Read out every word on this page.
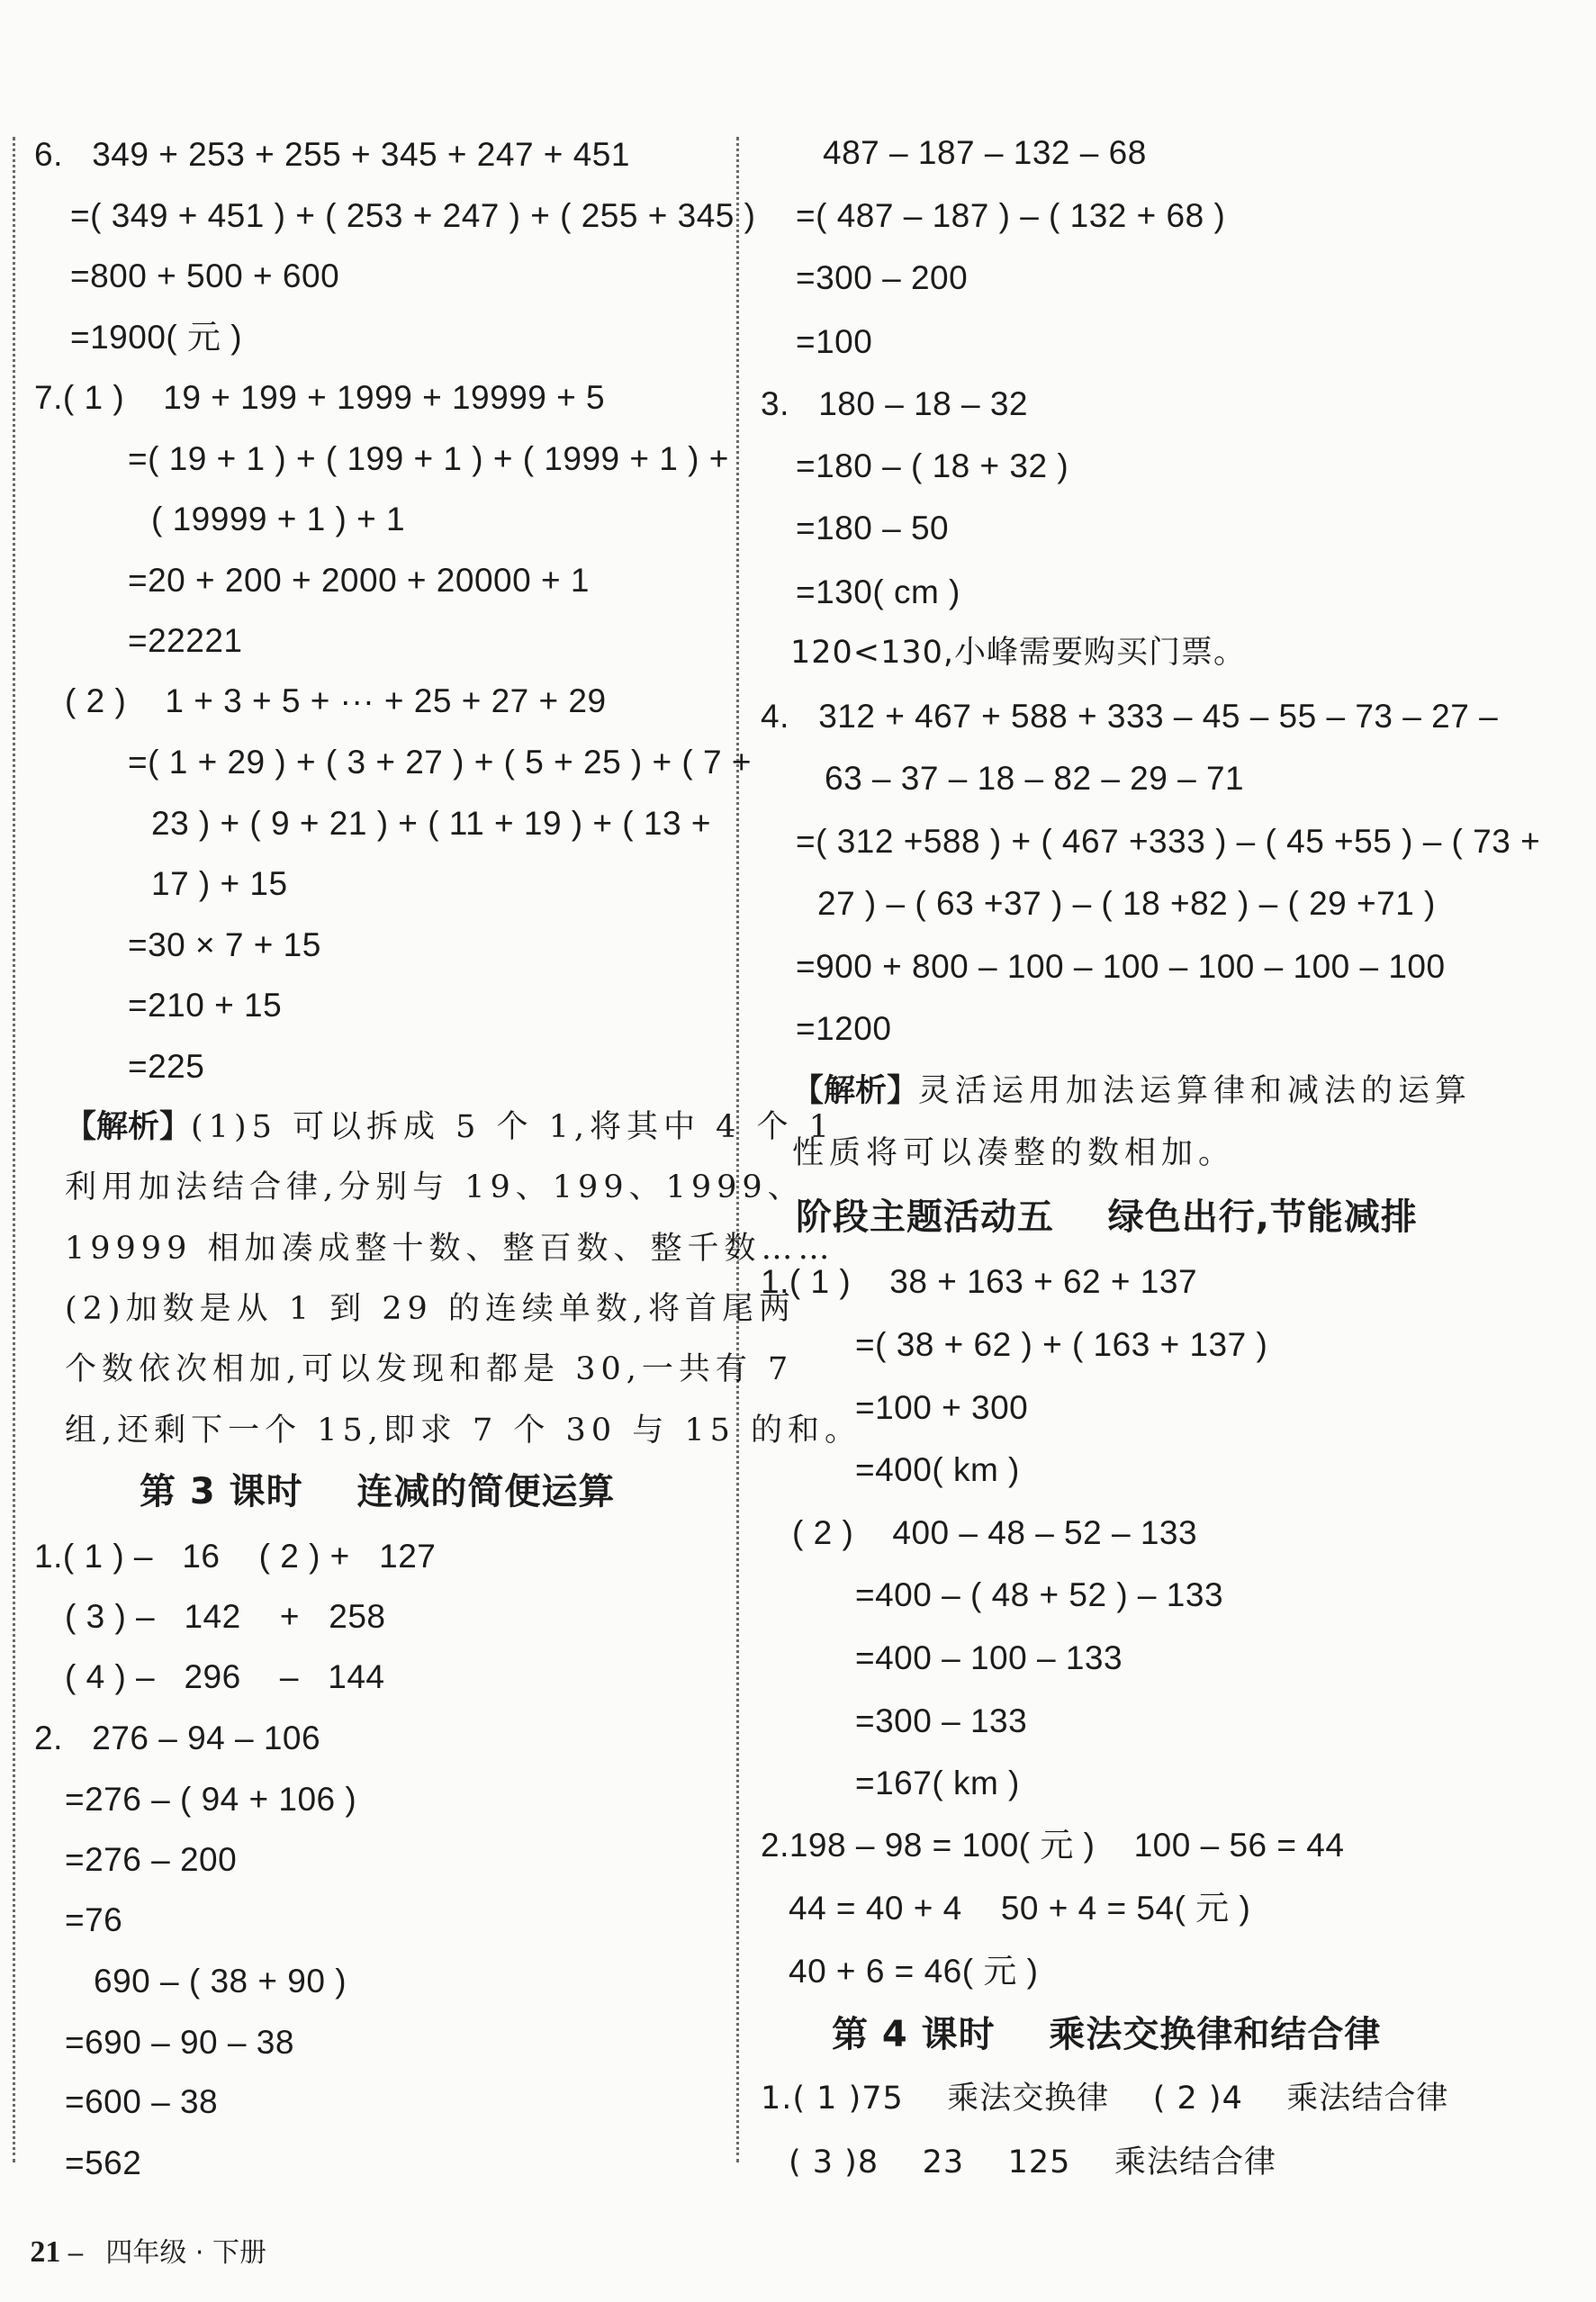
6.   349 + 253 + 255 + 345 + 247 + 451
=( 349 + 451 ) + ( 253 + 247 ) + ( 255 + 345 )
=800 + 500 + 600
=1900( 元 )
7.( 1 )    19 + 199 + 1999 + 19999 + 5
=( 19 + 1 ) + ( 199 + 1 ) + ( 1999 + 1 ) +
( 19999 + 1 ) + 1
=20 + 200 + 2000 + 20000 + 1
=22221
( 2 )    1 + 3 + 5 + ··· + 25 + 27 + 29
=( 1 + 29 ) + ( 3 + 27 ) + ( 5 + 25 ) + ( 7 +
23 ) + ( 9 + 21 ) + ( 11 + 19 ) + ( 13 +
17 ) + 15
=30 × 7 + 15
=210 + 15
=225
【解析】(1)5 可以拆成 5 个 1,将其中 4 个 1
利用加法结合律,分别与 19、199、1999、
19999 相加凑成整十数、整百数、整千数……
(2)加数是从 1 到 29 的连续单数,将首尾两
个数依次相加,可以发现和都是 30,一共有 7
组,还剩下一个 15,即求 7 个 30 与 15 的和。
第 3 课时    连减的简便运算
1.( 1 ) –   16    ( 2 ) +   127
( 3 ) –   142    +   258
( 4 ) –   296    –   144
2.   276 – 94 – 106
=276 – ( 94 + 106 )
=276 – 200
=76
690 – ( 38 + 90 )
=690 – 90 – 38
=600 – 38
=562
487 – 187 – 132 – 68
=( 487 – 187 ) – ( 132 + 68 )
=300 – 200
=100
3.   180 – 18 – 32
=180 – ( 18 + 32 )
=180 – 50
=130( cm )
120<130,小峰需要购买门票。
4.   312 + 467 + 588 + 333 – 45 – 55 – 73 – 27 –
63 – 37 – 18 – 82 – 29 – 71
=( 312 +588 ) + ( 467 +333 ) – ( 45 +55 ) – ( 73 +
27 ) – ( 63 +37 ) – ( 18 +82 ) – ( 29 +71 )
=900 + 800 – 100 – 100 – 100 – 100 – 100
=1200
【解析】灵活运用加法运算律和减法的运算
性质将可以凑整的数相加。
阶段主题活动五    绿色出行,节能减排
1.( 1 )    38 + 163 + 62 + 137
=( 38 + 62 ) + ( 163 + 137 )
=100 + 300
=400( km )
( 2 )    400 – 48 – 52 – 133
=400 – ( 48 + 52 ) – 133
=400 – 100 – 133
=300 – 133
=167( km )
2.198 – 98 = 100( 元 )    100 – 56 = 44
44 = 40 + 4    50 + 4 = 54( 元 )
40 + 6 = 46( 元 )
第 4 课时    乘法交换律和结合律
1.( 1 )75    乘法交换律    ( 2 )4    乘法结合律
( 3 )8    23    125    乘法结合律

21 –   四年级 · 下册
